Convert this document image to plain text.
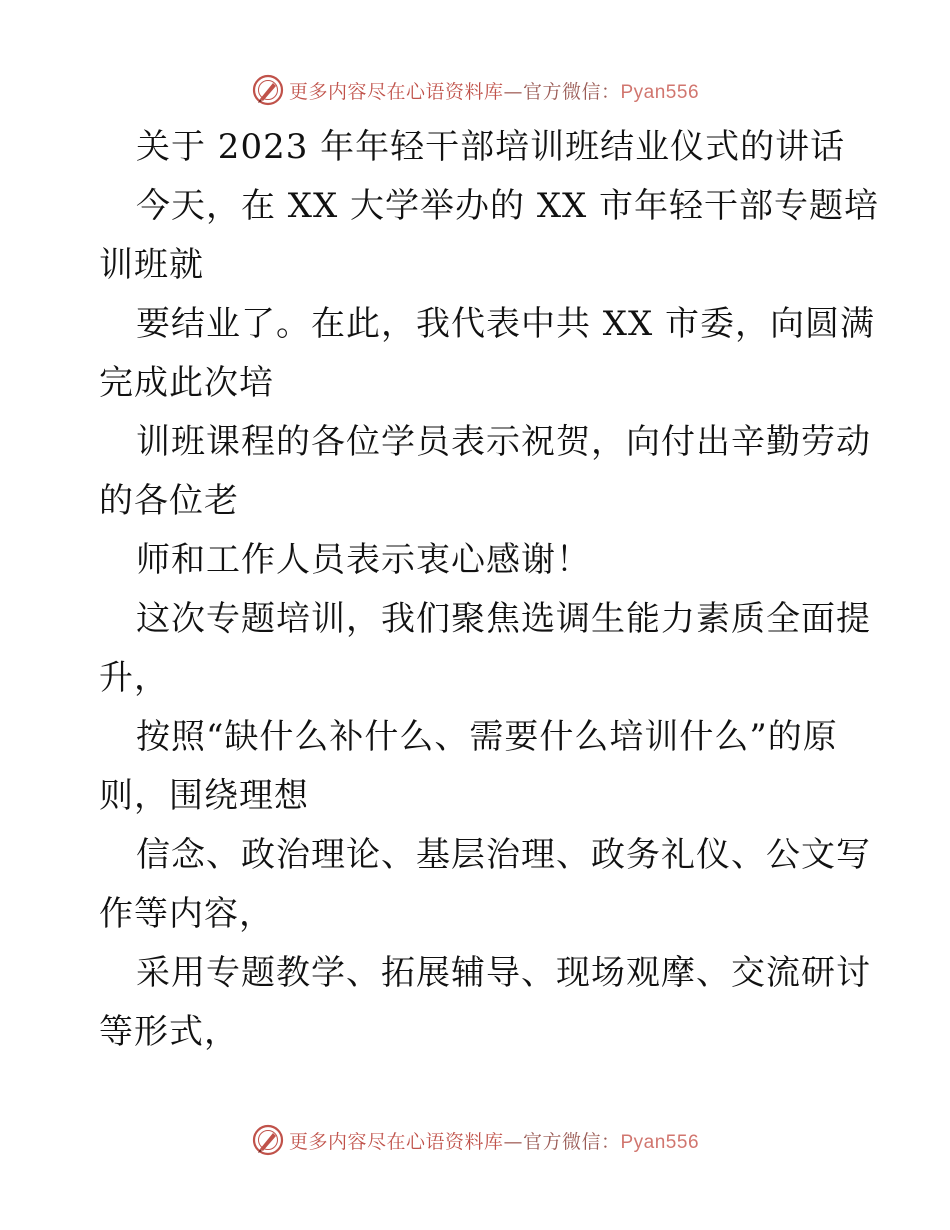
更多内容尽在心语资料库—官方微信：Pyan556
关于 2023 年年轻干部培训班结业仪式的讲话
今天，在 XX 大学举办的 XX 市年轻干部专题培
训班就
要结业了。在此，我代表中共 XX 市委，向圆满
完成此次培
训班课程的各位学员表示祝贺，向付出辛勤劳动
的各位老
师和工作人员表示衷心感谢！
这次专题培训，我们聚焦选调生能力素质全面提
升，
按照“缺什么补什么、需要什么培训什么”的原
则，围绕理想
信念、政治理论、基层治理、政务礼仪、公文写
作等内容，
采用专题教学、拓展辅导、现场观摩、交流研讨
等形式，
更多内容尽在心语资料库—官方微信：Pyan556
